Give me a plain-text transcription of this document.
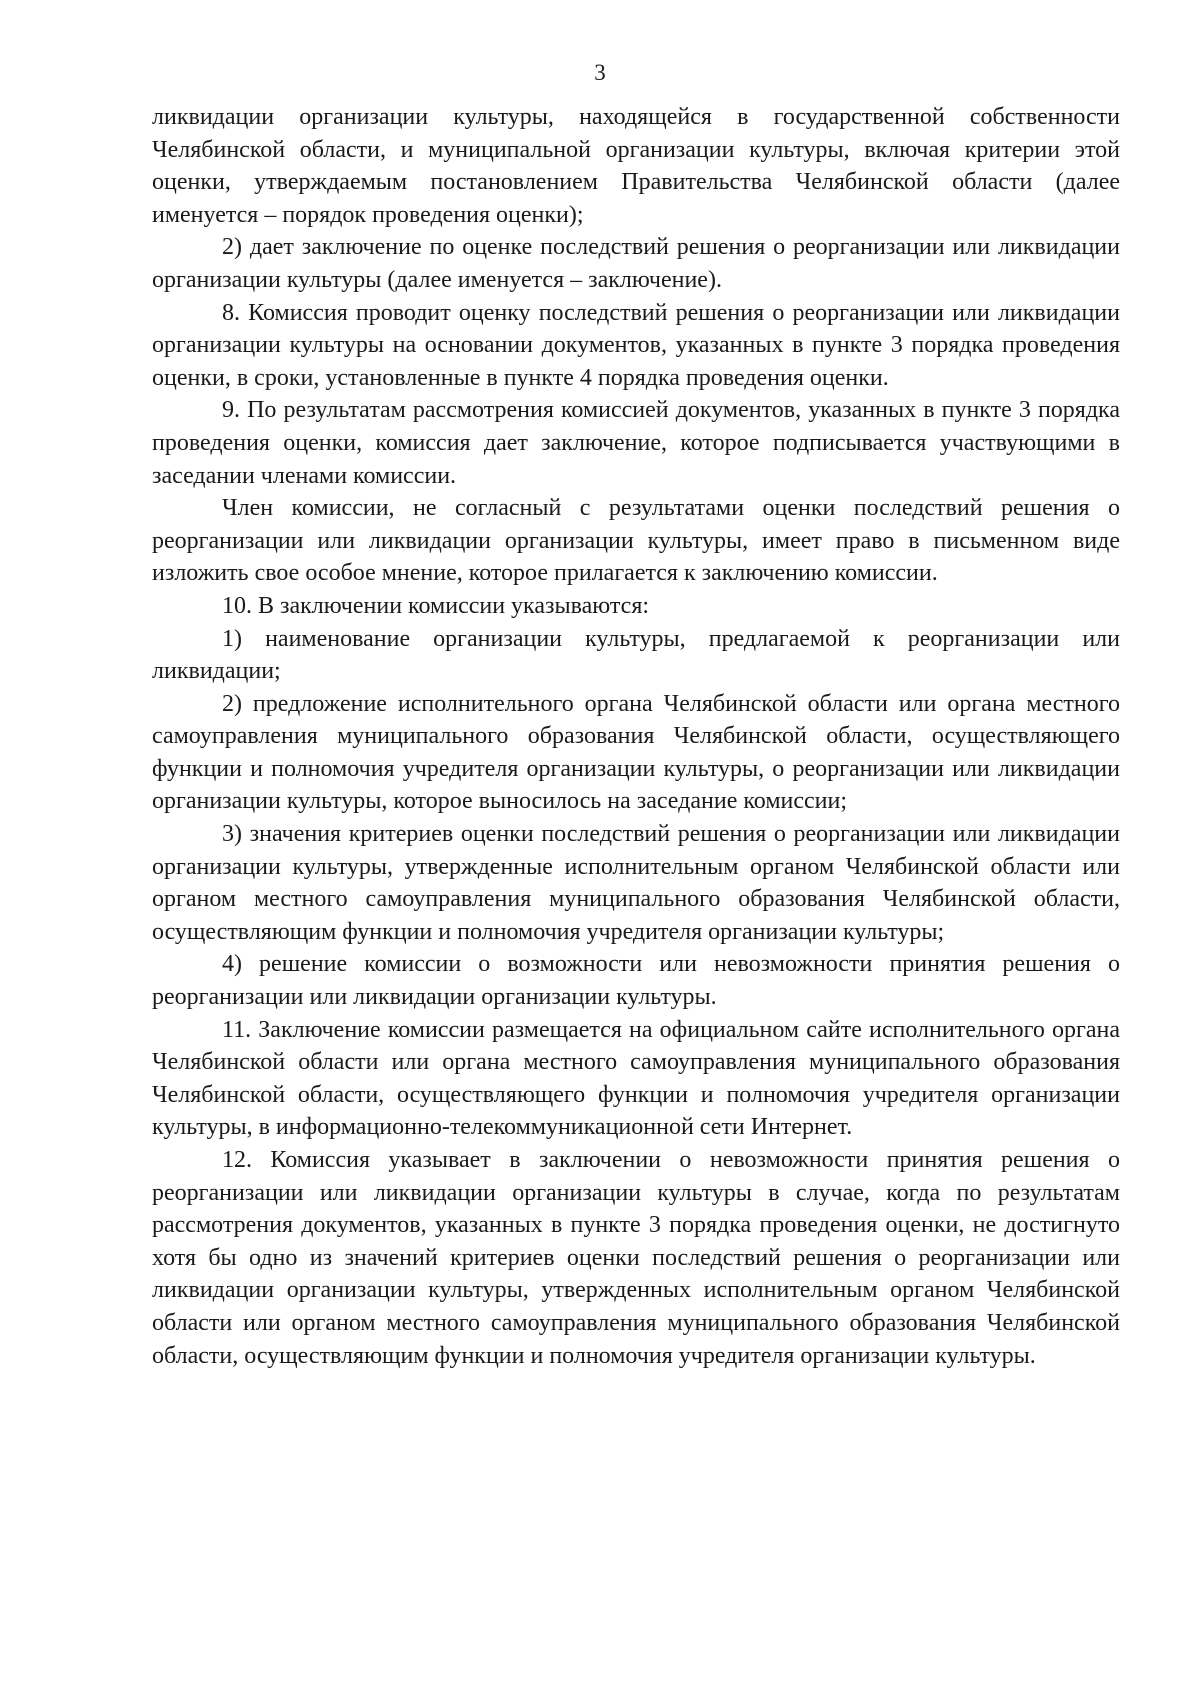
3

ликвидации организации культуры, находящейся в государственной собственности Челябинской области, и муниципальной организации культуры, включая критерии этой оценки, утверждаемым постановлением Правительства Челябинской области (далее именуется – порядок проведения оценки);

2) дает заключение по оценке последствий решения о реорганизации или ликвидации организации культуры (далее именуется – заключение).

8. Комиссия проводит оценку последствий решения о реорганизации или ликвидации организации культуры на основании документов, указанных в пункте 3 порядка проведения оценки, в сроки, установленные в пункте 4 порядка проведения оценки.

9. По результатам рассмотрения комиссией документов, указанных в пункте 3 порядка проведения оценки, комиссия дает заключение, которое подписывается участвующими в заседании членами комиссии.

Член комиссии, не согласный с результатами оценки последствий решения о реорганизации или ликвидации организации культуры, имеет право в письменном виде изложить свое особое мнение, которое прилагается к заключению комиссии.

10. В заключении комиссии указываются:

1) наименование организации культуры, предлагаемой к реорганизации или ликвидации;

2) предложение исполнительного органа Челябинской области или органа местного самоуправления муниципального образования Челябинской области, осуществляющего функции и полномочия учредителя организации культуры, о реорганизации или ликвидации организации культуры, которое выносилось на заседание комиссии;

3) значения критериев оценки последствий решения о реорганизации или ликвидации организации культуры, утвержденные исполнительным органом Челябинской области или органом местного самоуправления муниципального образования Челябинской области, осуществляющим функции и полномочия учредителя организации культуры;

4) решение комиссии о возможности или невозможности принятия решения о реорганизации или ликвидации организации культуры.

11. Заключение комиссии размещается на официальном сайте исполнительного органа Челябинской области или органа местного самоуправления муниципального образования Челябинской области, осуществляющего функции и полномочия учредителя организации культуры, в информационно-телекоммуникационной сети Интернет.

12. Комиссия указывает в заключении о невозможности принятия решения о реорганизации или ликвидации организации культуры в случае, когда по результатам рассмотрения документов, указанных в пункте 3 порядка проведения оценки, не достигнуто хотя бы одно из значений критериев оценки последствий решения о реорганизации или ликвидации организации культуры, утвержденных исполнительным органом Челябинской области или органом местного самоуправления муниципального образования Челябинской области, осуществляющим функции и полномочия учредителя организации культуры.
